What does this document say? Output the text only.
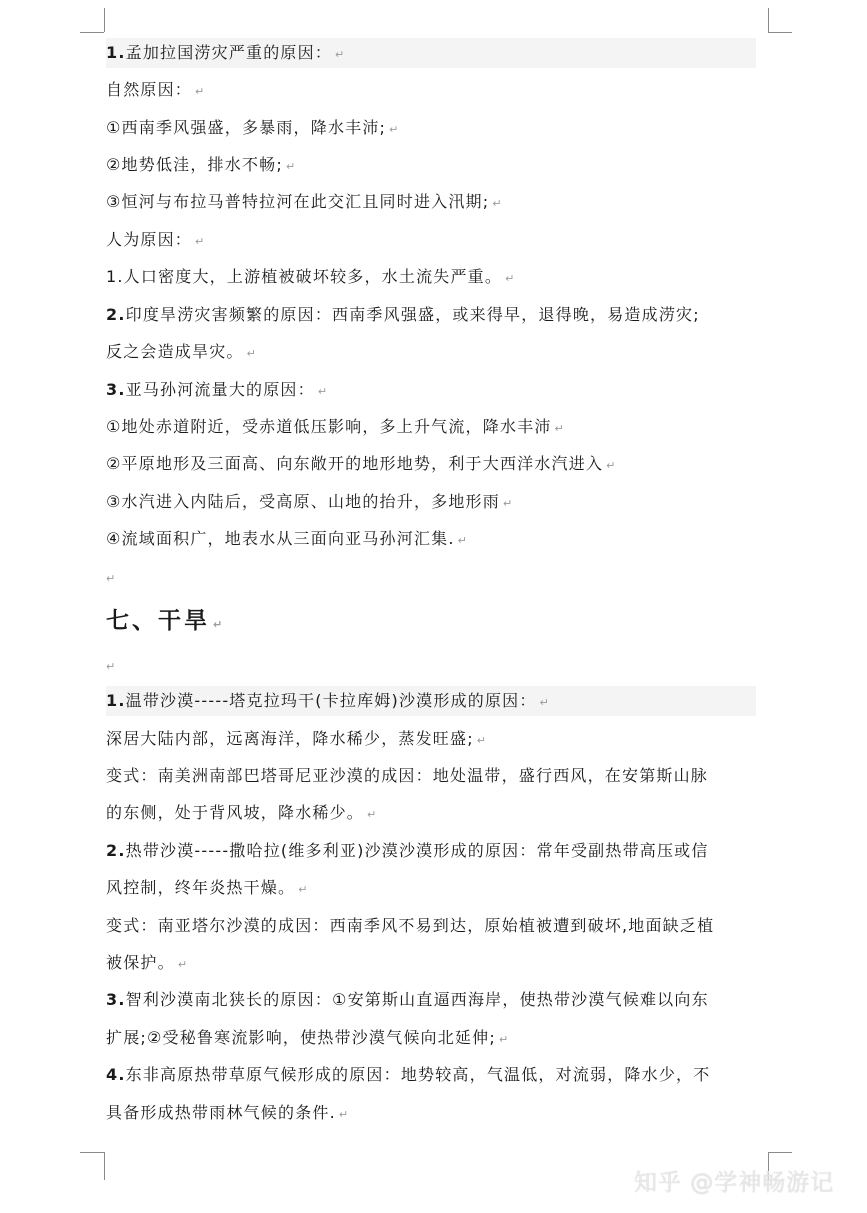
1.孟加拉国涝灾严重的原因： ↵
自然原因： ↵
①西南季风强盛，多暴雨，降水丰沛; ↵
②地势低洼，排水不畅; ↵
③恒河与布拉马普特拉河在此交汇且同时进入汛期; ↵
人为原因： ↵
1.人口密度大，上游植被破坏较多，水土流失严重。 ↵
2.印度旱涝灾害频繁的原因：西南季风强盛，或来得早，退得晚，易造成涝灾;
反之会造成旱灾。 ↵
3.亚马孙河流量大的原因： ↵
①地处赤道附近，受赤道低压影响，多上升气流，降水丰沛 ↵
②平原地形及三面高、向东敞开的地形地势，利于大西洋水汽进入 ↵
③水汽进入内陆后，受高原、山地的抬升，多地形雨 ↵
④流域面积广，地表水从三面向亚马孙河汇集. ↵
↵
七、干旱 ↵
↵
1.温带沙漠-----塔克拉玛干(卡拉库姆)沙漠形成的原因： ↵
深居大陆内部，远离海洋，降水稀少，蒸发旺盛; ↵
变式：南美洲南部巴塔哥尼亚沙漠的成因：地处温带，盛行西风，在安第斯山脉
的东侧，处于背风坡，降水稀少。 ↵
2.热带沙漠-----撒哈拉(维多利亚)沙漠沙漠形成的原因：常年受副热带高压或信
风控制，终年炎热干燥。 ↵
变式：南亚塔尔沙漠的成因：西南季风不易到达，原始植被遭到破坏,地面缺乏植
被保护。 ↵
3.智利沙漠南北狭长的原因：①安第斯山直逼西海岸，使热带沙漠气候难以向东
扩展;②受秘鲁寒流影响，使热带沙漠气候向北延伸; ↵
4.东非高原热带草原气候形成的原因：地势较高，气温低，对流弱，降水少，不
具备形成热带雨林气候的条件. ↵
知乎 @学神畅游记
